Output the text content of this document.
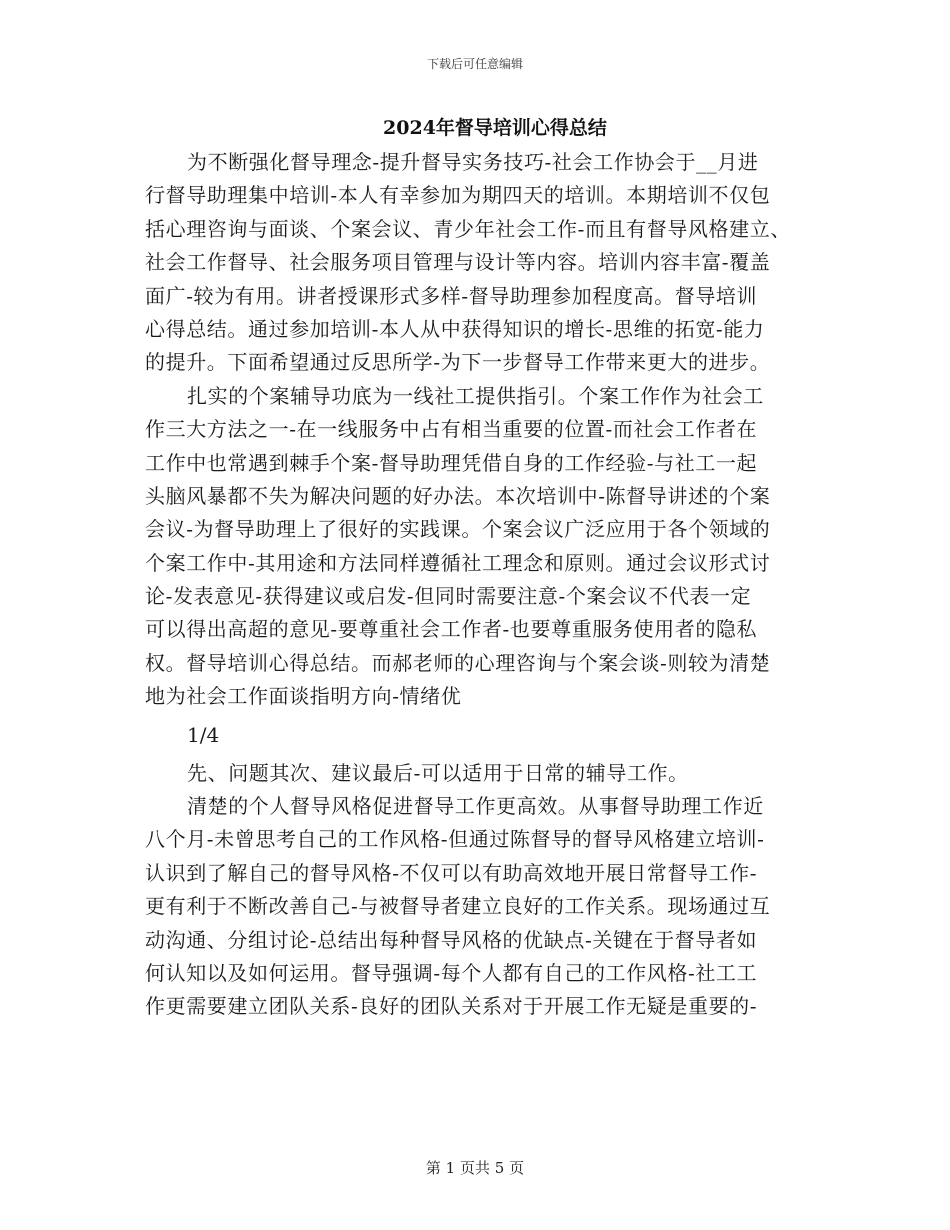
下载后可任意编辑
2024年督导培训心得总结
为不断强化督导理念-提升督导实务技巧-社会工作协会于__月进
行督导助理集中培训-本人有幸参加为期四天的培训。本期培训不仅包
括心理咨询与面谈、个案会议、青少年社会工作-而且有督导风格建立、
社会工作督导、社会服务项目管理与设计等内容。培训内容丰富-覆盖
面广-较为有用。讲者授课形式多样-督导助理参加程度高。督导培训
心得总结。通过参加培训-本人从中获得知识的增长-思维的拓宽-能力
的提升。下面希望通过反思所学-为下一步督导工作带来更大的进步。
扎实的个案辅导功底为一线社工提供指引。个案工作作为社会工
作三大方法之一-在一线服务中占有相当重要的位置-而社会工作者在
工作中也常遇到棘手个案-督导助理凭借自身的工作经验-与社工一起
头脑风暴都不失为解决问题的好办法。本次培训中-陈督导讲述的个案
会议-为督导助理上了很好的实践课。个案会议广泛应用于各个领域的
个案工作中-其用途和方法同样遵循社工理念和原则。通过会议形式讨
论-发表意见-获得建议或启发-但同时需要注意-个案会议不代表一定
可以得出高超的意见-要尊重社会工作者-也要尊重服务使用者的隐私
权。督导培训心得总结。而郝老师的心理咨询与个案会谈-则较为清楚
地为社会工作面谈指明方向-情绪优
1/4
先、问题其次、建议最后-可以适用于日常的辅导工作。
清楚的个人督导风格促进督导工作更高效。从事督导助理工作近
八个月-未曾思考自己的工作风格-但通过陈督导的督导风格建立培训-
认识到了解自己的督导风格-不仅可以有助高效地开展日常督导工作-
更有利于不断改善自己-与被督导者建立良好的工作关系。现场通过互
动沟通、分组讨论-总结出每种督导风格的优缺点-关键在于督导者如
何认知以及如何运用。督导强调-每个人都有自己的工作风格-社工工
作更需要建立团队关系-良好的团队关系对于开展工作无疑是重要的-
第 1 页共 5 页
